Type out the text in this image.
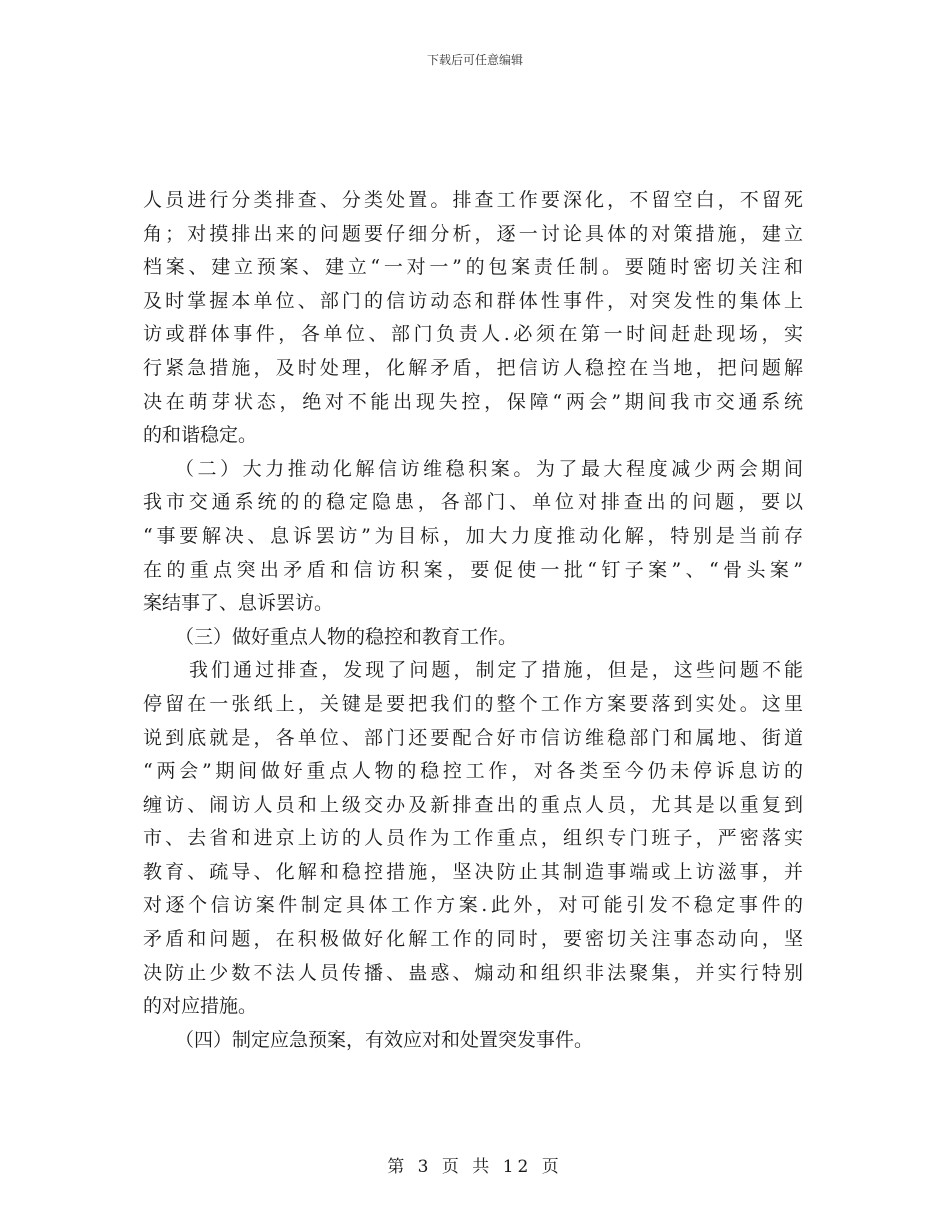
下载后可任意编辑
人员进行分类排查、分类处置。排查工作要深化，不留空白，不留死
角；对摸排出来的问题要仔细分析，逐一讨论具体的对策措施，建立
档案、建立预案、建立“一对一”的包案责任制。要随时密切关注和
及时掌握本单位、部门的信访动态和群体性事件，对突发性的集体上
访或群体事件，各单位、部门负责人.必须在第一时间赶赴现场，实
行紧急措施，及时处理，化解矛盾，把信访人稳控在当地，把问题解
决在萌芽状态，绝对不能出现失控，保障“两会”期间我市交通系统
的和谐稳定。
（二）大力推动化解信访维稳积案。为了最大程度减少两会期间
我市交通系统的的稳定隐患，各部门、单位对排查出的问题，要以
“事要解决、息诉罢访”为目标，加大力度推动化解，特别是当前存
在的重点突出矛盾和信访积案，要促使一批“钉子案”、“骨头案”
案结事了、息诉罢访。
（三）做好重点人物的稳控和教育工作。
我们通过排查，发现了问题，制定了措施，但是，这些问题不能
停留在一张纸上，关键是要把我们的整个工作方案要落到实处。这里
说到底就是，各单位、部门还要配合好市信访维稳部门和属地、街道
“两会”期间做好重点人物的稳控工作，对各类至今仍未停诉息访的
缠访、闹访人员和上级交办及新排查出的重点人员，尤其是以重复到
市、去省和进京上访的人员作为工作重点，组织专门班子，严密落实
教育、疏导、化解和稳控措施，坚决防止其制造事端或上访滋事，并
对逐个信访案件制定具体工作方案.此外，对可能引发不稳定事件的
矛盾和问题，在积极做好化解工作的同时，要密切关注事态动向，坚
决防止少数不法人员传播、蛊惑、煽动和组织非法聚集，并实行特别
的对应措施。
（四）制定应急预案，有效应对和处置突发事件。
第 3 页 共 12 页
